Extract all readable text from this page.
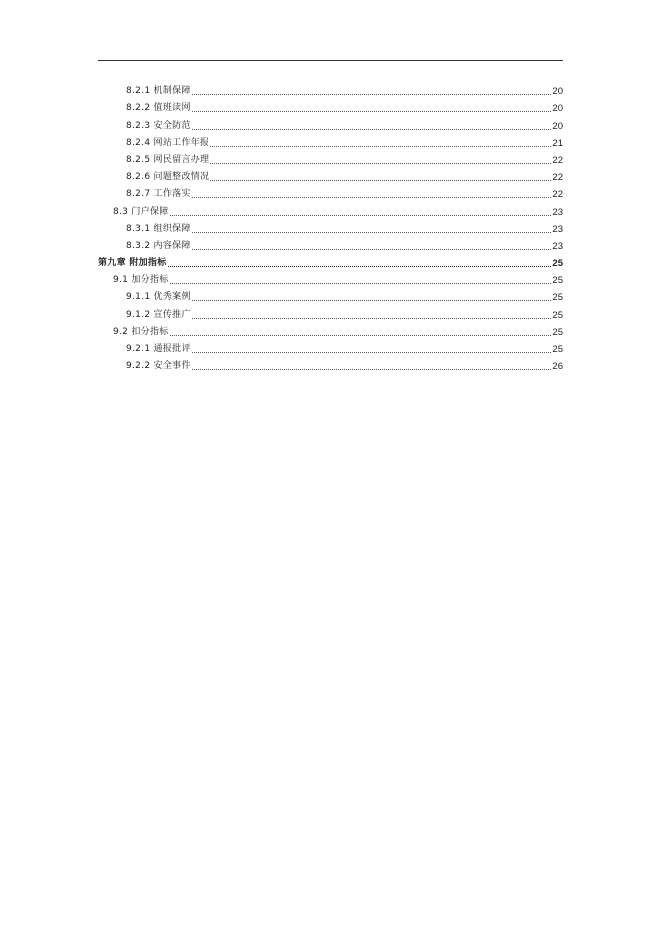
8.2.1 机制保障	20
8.2.2 值班读网	20
8.2.3 安全防范	20
8.2.4 网站工作年报	21
8.2.5 网民留言办理	22
8.2.6 问题整改情况	22
8.2.7 工作落实	22
8.3 门户保障	23
8.3.1 组织保障	23
8.3.2 内容保障	23
第九章 附加指标	25
9.1 加分指标	25
9.1.1 优秀案例	25
9.1.2 宣传推广	25
9.2 扣分指标	25
9.2.1 通报批评	25
9.2.2 安全事件	26
